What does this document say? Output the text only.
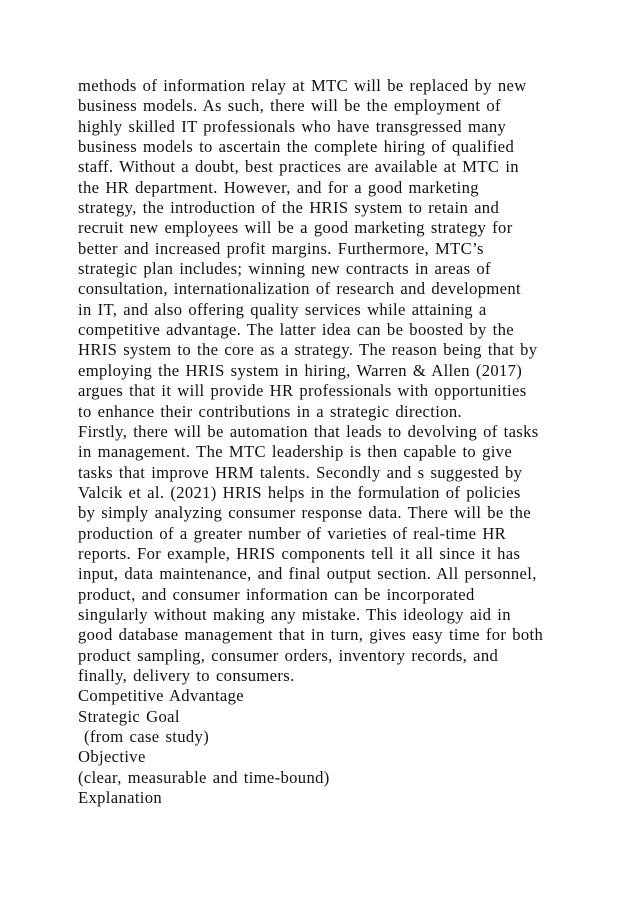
methods of information relay at MTC will be replaced by new
business models. As such, there will be the employment of
highly skilled IT professionals who have transgressed many
business models to ascertain the complete hiring of qualified
staff. Without a doubt, best practices are available at MTC in
the HR department. However, and for a good marketing
strategy, the introduction of the HRIS system to retain and
recruit new employees will be a good marketing strategy for
better and increased profit margins. Furthermore, MTC’s
strategic plan includes; winning new contracts in areas of
consultation, internationalization of research and development
in IT, and also offering quality services while attaining a
competitive advantage. The latter idea can be boosted by the
HRIS system to the core as a strategy. The reason being that by
employing the HRIS system in hiring, Warren & Allen (2017)
argues that it will provide HR professionals with opportunities
to enhance their contributions in a strategic direction.
Firstly, there will be automation that leads to devolving of tasks
in management. The MTC leadership is then capable to give
tasks that improve HRM talents. Secondly and s suggested by
Valcik et al. (2021) HRIS helps in the formulation of policies
by simply analyzing consumer response data. There will be the
production of a greater number of varieties of real-time HR
reports. For example, HRIS components tell it all since it has
input, data maintenance, and final output section. All personnel,
product, and consumer information can be incorporated
singularly without making any mistake. This ideology aid in
good database management that in turn, gives easy time for both
product sampling, consumer orders, inventory records, and
finally, delivery to consumers.
Competitive Advantage
Strategic Goal
(from case study)
Objective
(clear, measurable and time-bound)
Explanation
